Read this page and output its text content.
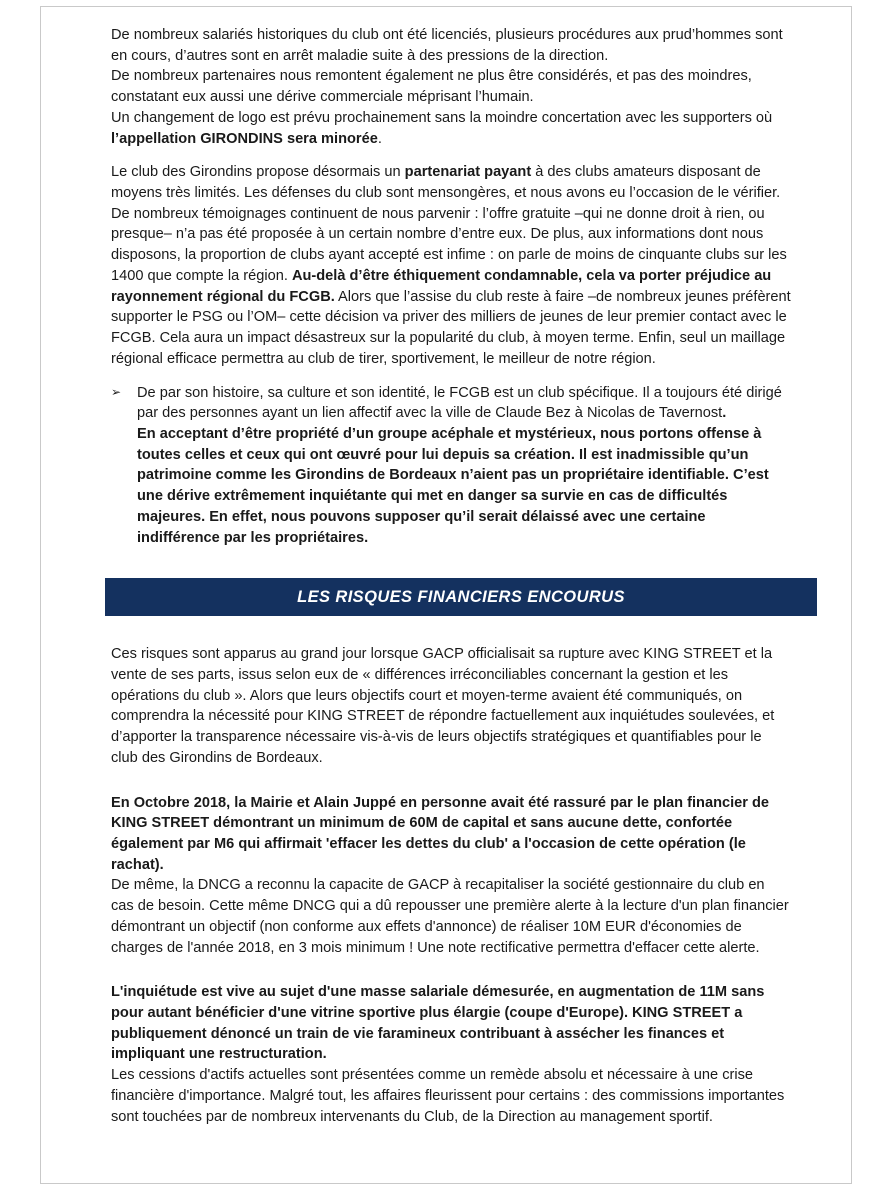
De nombreux salariés historiques du club ont été licenciés, plusieurs procédures aux prud’hommes sont en cours, d’autres sont en arrêt maladie suite à des pressions de la direction.

De nombreux partenaires nous remontent également ne plus être considérés, et pas des moindres, constatant eux aussi une dérive commerciale méprisant l’humain.

Un changement de logo est prévu prochainement sans la moindre concertation avec les supporters où l’appellation GIRONDINS sera minorée.

Le club des Girondins propose désormais un partenariat payant à des clubs amateurs disposant de moyens très limités. Les défenses du club sont mensongères, et nous avons eu l’occasion de le vérifier. De nombreux témoignages continuent de nous parvenir : l’offre gratuite –qui ne donne droit à rien, ou presque– n’a pas été proposée à un certain nombre d’entre eux. De plus, aux informations dont nous disposons, la proportion de clubs ayant accepté est infime : on parle de moins de cinquante clubs sur les 1400 que compte la région. Au-delà d’être éthiquement condamnable, cela va porter préjudice au rayonnement régional du FCGB. Alors que l’assise du club reste à faire –de nombreux jeunes préfèrent supporter le PSG ou l’OM– cette décision va priver des milliers de jeunes de leur premier contact avec le FCGB. Cela aura un impact désastreux sur la popularité du club, à moyen terme. Enfin, seul un maillage régional efficace permettra au club de tirer, sportivement, le meilleur de notre région.

➢	De par son histoire, sa culture et son identité, le FCGB est un club spécifique. Il a toujours été dirigé par des personnes ayant un lien affectif avec la ville de Claude Bez à Nicolas de Tavernost.

En acceptant d’être propriété d’un groupe acéphale et mystérieux, nous portons offense à toutes celles et ceux qui ont œuvré pour lui depuis sa création. Il est inadmissible qu’un patrimoine comme les Girondins de Bordeaux n’aient pas un propriétaire identifiable. C’est une dérive extrêmement inquiétante qui met en danger sa survie en cas de difficultés majeures. En effet, nous pouvons supposer qu’il serait délaissé avec une certaine indifférence par les propriétaires.

LES RISQUES FINANCIERS ENCOURUS

Ces risques sont apparus au grand jour lorsque GACP officialisait sa rupture avec KING STREET et la vente de ses parts, issus selon eux de « différences irréconciliables concernant la gestion et les opérations du club ». Alors que leurs objectifs court et moyen-terme avaient été communiqués, on comprendra la nécessité pour KING STREET de répondre factuellement aux inquiétudes soulevées, et d’apporter la transparence nécessaire vis-à-vis de leurs objectifs stratégiques et quantifiables pour le club des Girondins de Bordeaux.

En Octobre 2018, la Mairie et Alain Juppé en personne avait été rassuré par le plan financier de KING STREET démontrant un minimum de 60M de capital et sans aucune dette, confortée également par M6 qui affirmait 'effacer les dettes du club' a l'occasion de cette opération (le rachat).

De même, la DNCG a reconnu la capacite de GACP à recapitaliser la société gestionnaire du club en cas de besoin. Cette même DNCG qui a dû repousser une première alerte à la lecture d'un plan financier démontrant un objectif (non conforme aux effets d'annonce) de réaliser 10M EUR d'économies de charges de l'année 2018, en 3 mois minimum ! Une note rectificative permettra d'effacer cette alerte.

L'inquiétude est vive au sujet d'une masse salariale démesurée, en augmentation de 11M sans pour autant bénéficier d'une vitrine sportive plus élargie (coupe d'Europe). KING STREET a publiquement dénoncé un train de vie faramineux contribuant à assécher les finances et impliquant une restructuration.

Les cessions d'actifs actuelles sont présentées comme un remède absolu et nécessaire à une crise financière d'importance. Malgré tout, les affaires fleurissent pour certains : des commissions importantes sont touchées par de nombreux intervenants du Club, de la Direction au management sportif.
